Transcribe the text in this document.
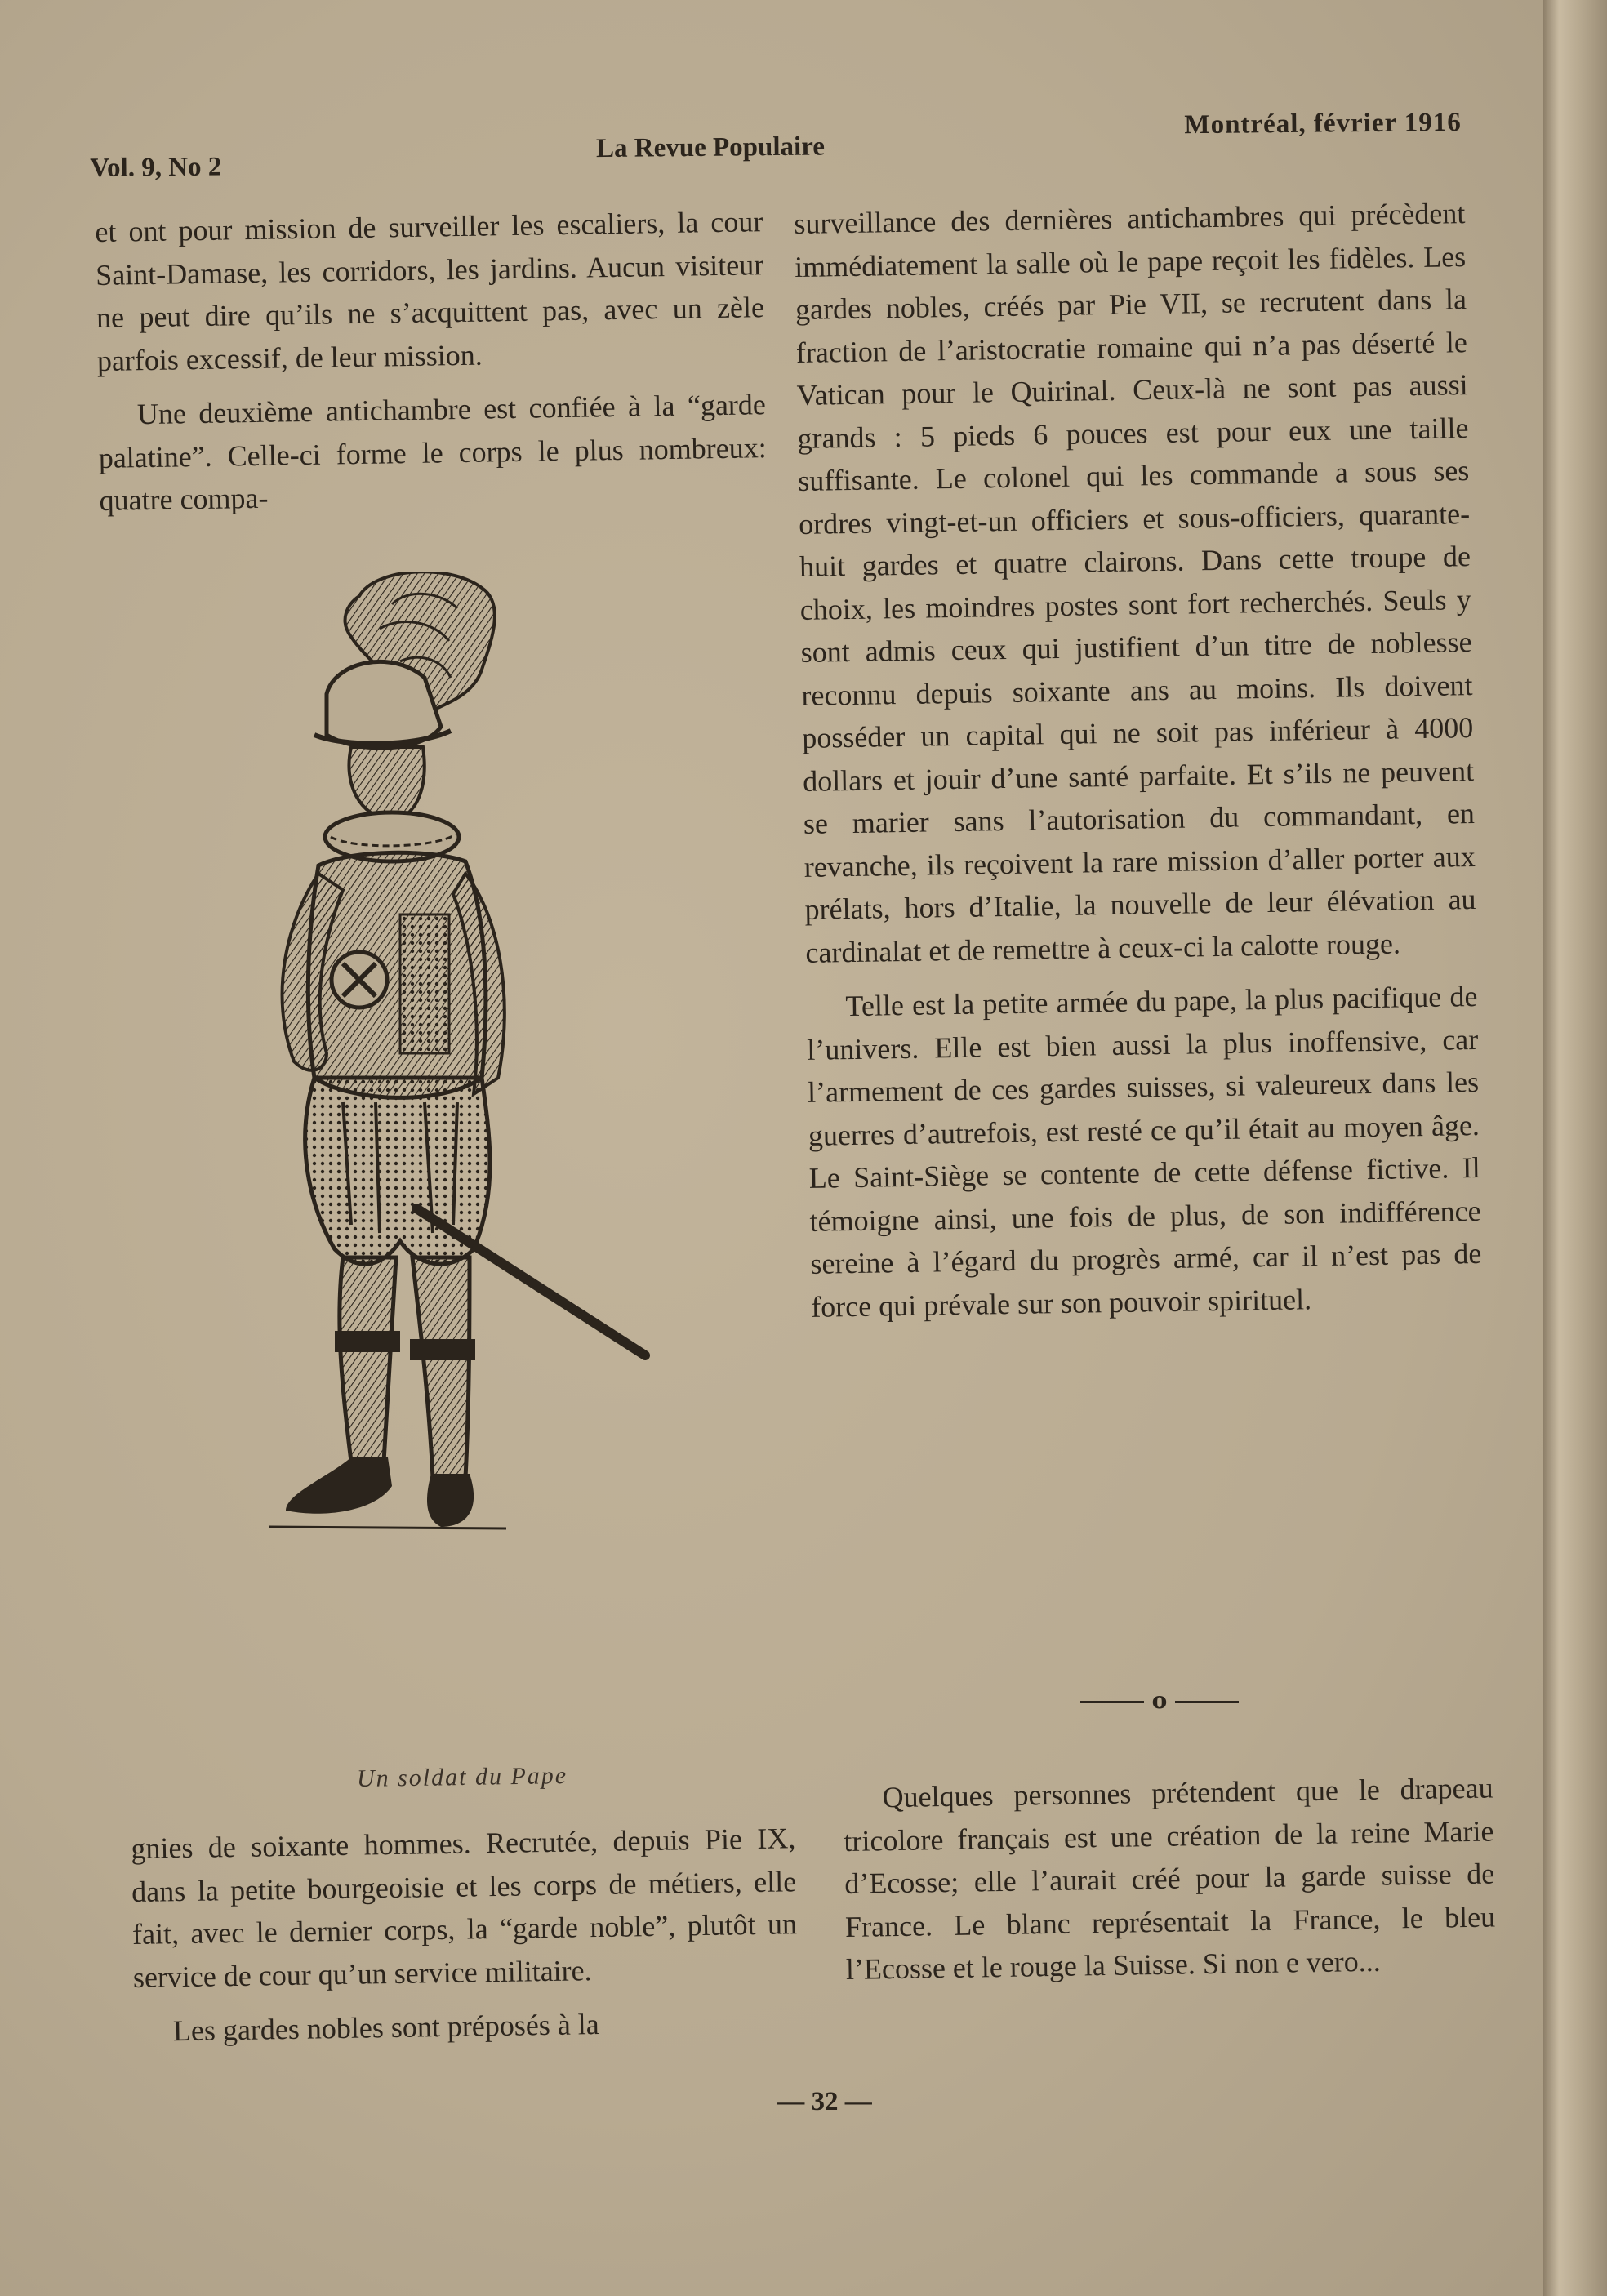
Vol. 9, No 2
La Revue Populaire
Montréal, février 1916

et ont pour mission de surveiller les escaliers, la cour Saint-Damase, les corridors, les jardins. Aucun visiteur ne peut dire qu’ils ne s’acquittent pas, avec un zèle parfois excessif, de leur mission.

Une deuxième antichambre est confiée à la “garde palatine”. Celle-ci forme le corps le plus nombreux: quatre compa-

Un soldat du Pape

gnies de soixante hommes. Recrutée, depuis Pie IX, dans la petite bourgeoisie et les corps de métiers, elle fait, avec le dernier corps, la “garde noble”, plutôt un service de cour qu’un service militaire.

Les gardes nobles sont préposés à la

surveillance des dernières antichambres qui précèdent immédiatement la salle où le pape reçoit les fidèles. Les gardes nobles, créés par Pie VII, se recrutent dans la fraction de l’aristocratie romaine qui n’a pas déserté le Vatican pour le Quirinal. Ceux-là ne sont pas aussi grands : 5 pieds 6 pouces est pour eux une taille suffisante. Le colonel qui les commande a sous ses ordres vingt-et-un officiers et sous-officiers, quarante-huit gardes et quatre clairons. Dans cette troupe de choix, les moindres postes sont fort recherchés. Seuls y sont admis ceux qui justifient d’un titre de noblesse reconnu depuis soixante ans au moins. Ils doivent posséder un capital qui ne soit pas inférieur à 4000 dollars et jouir d’une santé parfaite. Et s’ils ne peuvent se marier sans l’autorisation du commandant, en revanche, ils reçoivent la rare mission d’aller porter aux prélats, hors d’Italie, la nouvelle de leur élévation au cardinalat et de remettre à ceux-ci la calotte rouge.

Telle est la petite armée du pape, la plus pacifique de l’univers. Elle est bien aussi la plus inoffensive, car l’armement de ces gardes suisses, si valeureux dans les guerres d’autrefois, est resté ce qu’il était au moyen âge. Le Saint-Siège se contente de cette défense fictive. Il témoigne ainsi, une fois de plus, de son indifférence sereine à l’égard du progrès armé, car il n’est pas de force qui prévale sur son pouvoir spirituel.

o

Quelques personnes prétendent que le drapeau tricolore français est une création de la reine Marie d’Ecosse; elle l’aurait créé pour la garde suisse de France. Le blanc représentait la France, le bleu l’Ecosse et le rouge la Suisse. Si non e vero...

— 32 —
